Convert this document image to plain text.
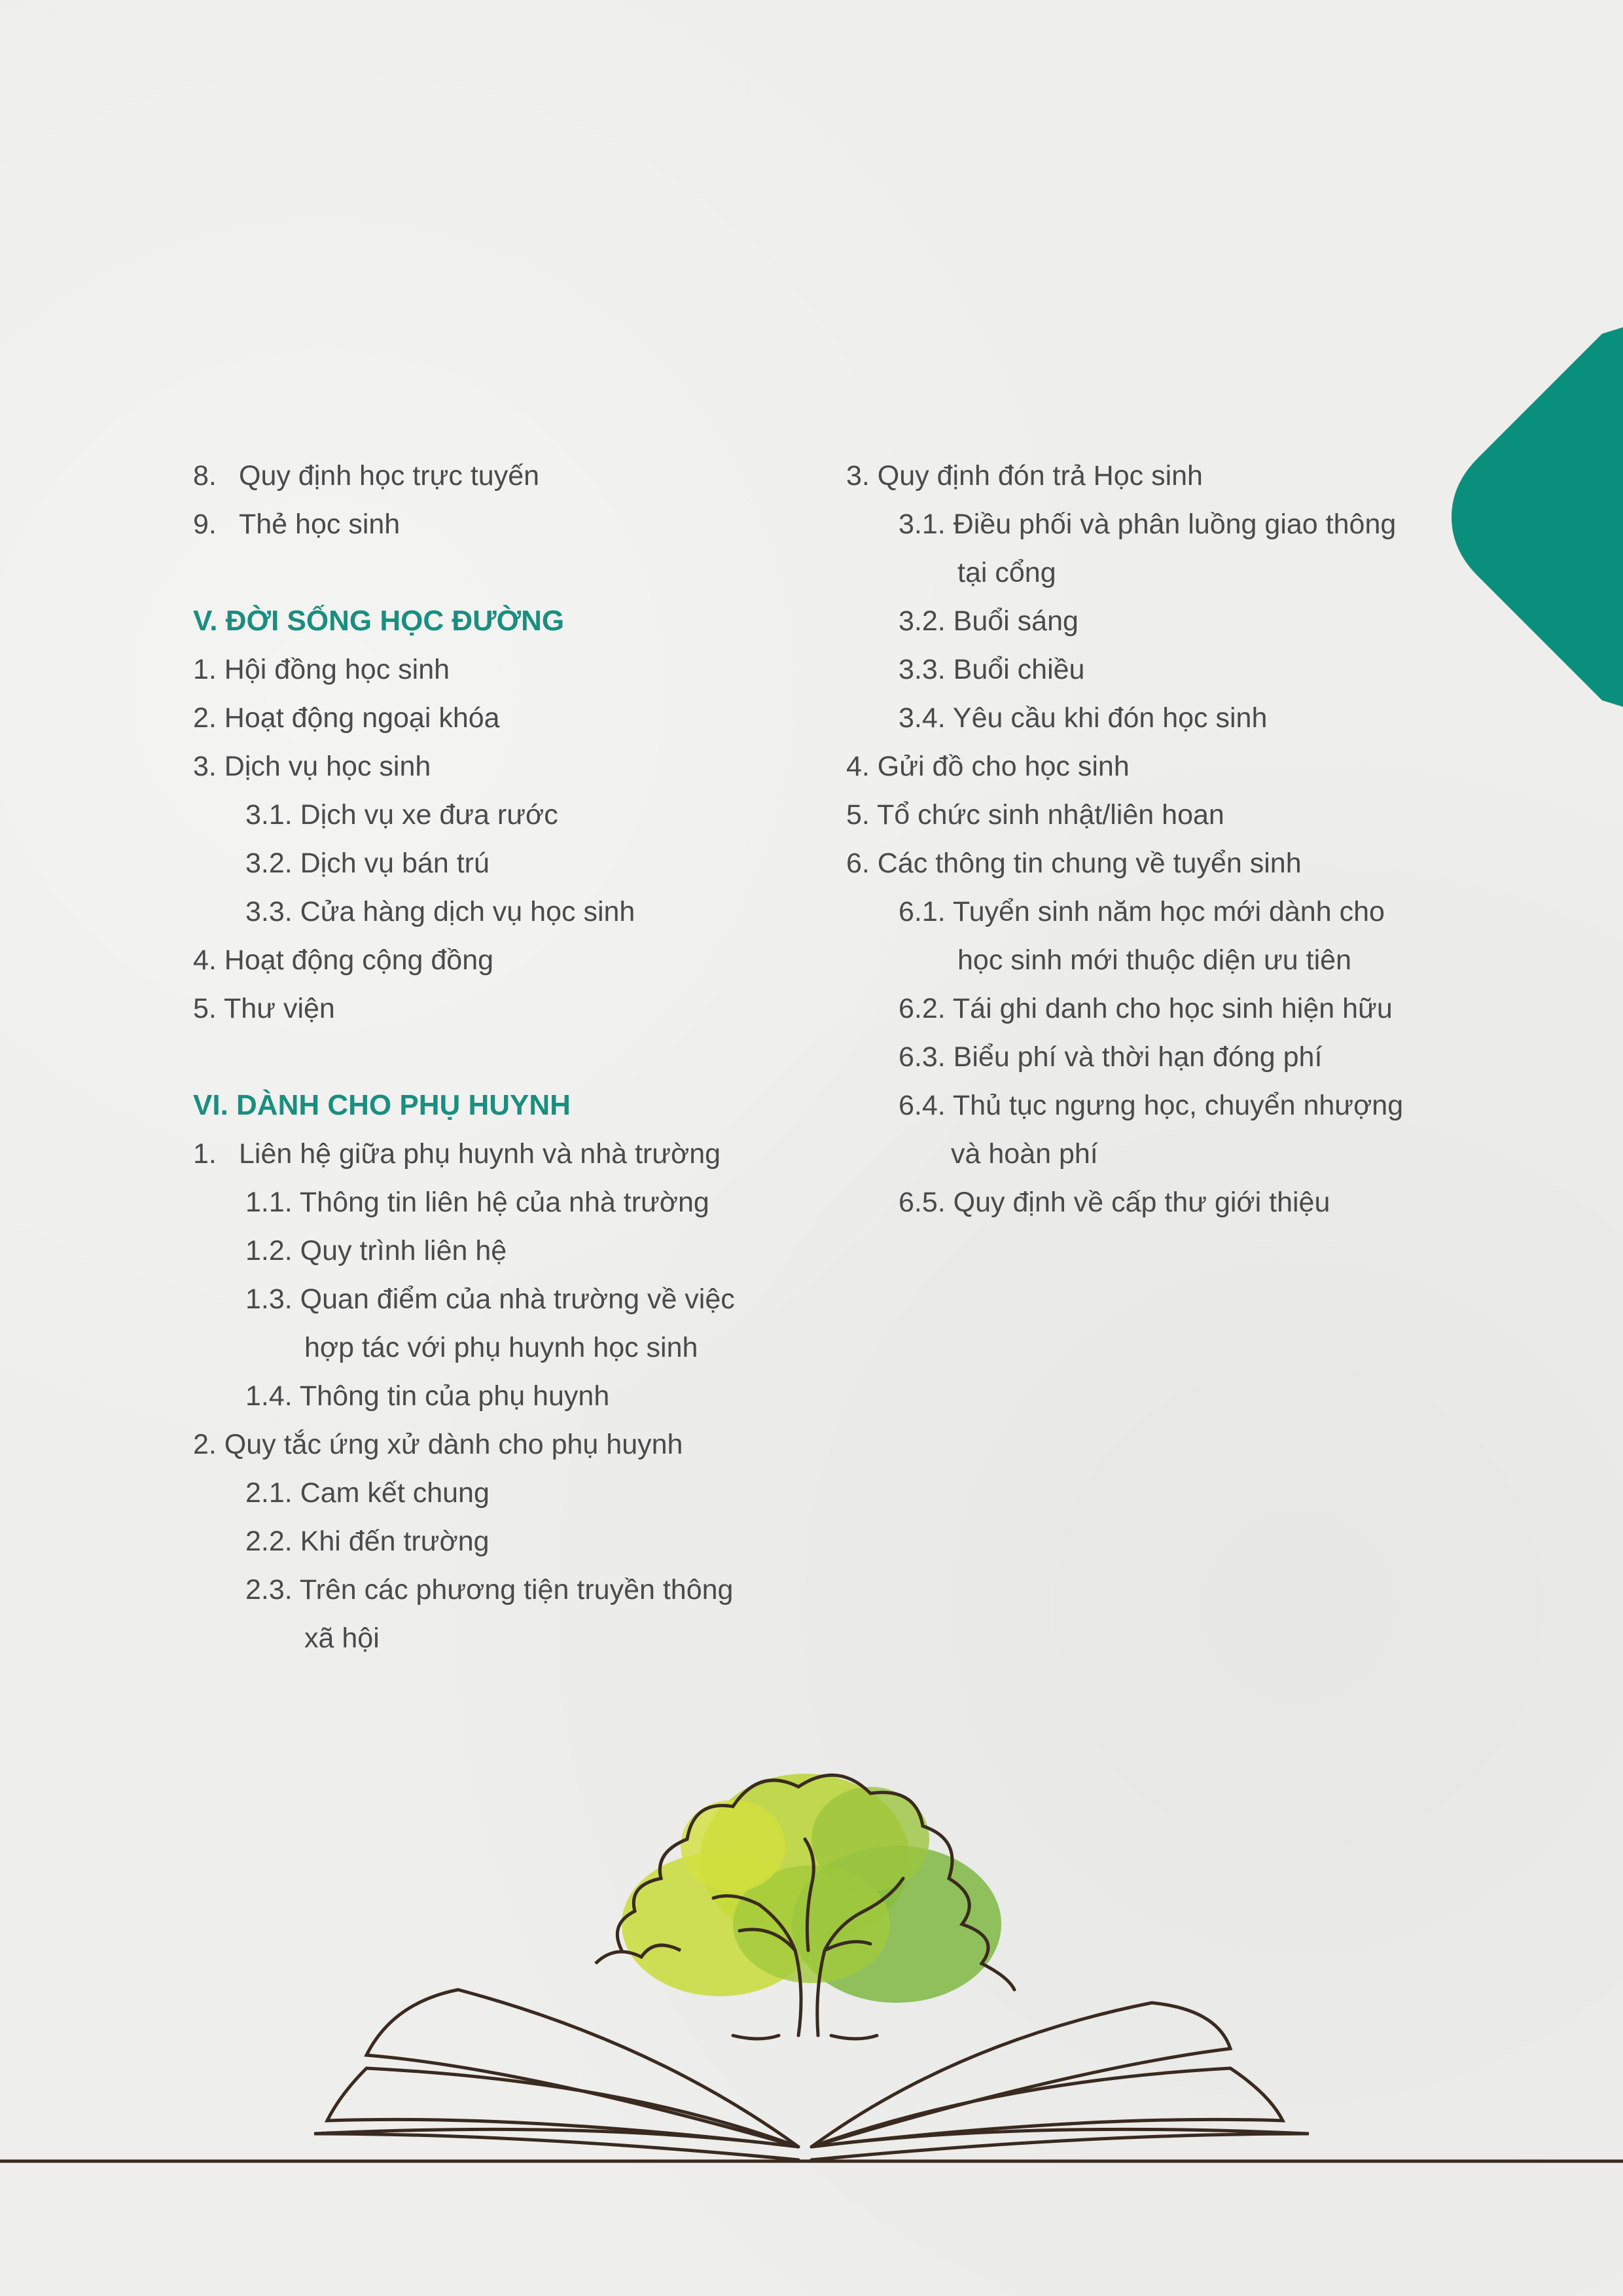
8. Quy định học trực tuyến
9. Thẻ học sinh
V. ĐỜI SỐNG HỌC ĐƯỜNG
1. Hội đồng học sinh
2. Hoạt động ngoại khóa
3. Dịch vụ học sinh
3.1. Dịch vụ xe đưa rước
3.2. Dịch vụ bán trú
3.3. Cửa hàng dịch vụ học sinh
4. Hoạt động cộng đồng
5. Thư viện
VI. DÀNH CHO PHỤ HUYNH
1. Liên hệ giữa phụ huynh và nhà trường
1.1. Thông tin liên hệ của nhà trường
1.2. Quy trình liên hệ
1.3. Quan điểm của nhà trường về việc
hợp tác với phụ huynh học sinh
1.4. Thông tin của phụ huynh
2. Quy tắc ứng xử dành cho phụ huynh
2.1. Cam kết chung
2.2. Khi đến trường
2.3. Trên các phương tiện truyền thông
xã hội
3. Quy định đón trả Học sinh
3.1. Điều phối và phân luồng giao thông
tại cổng
3.2. Buổi sáng
3.3. Buổi chiều
3.4. Yêu cầu khi đón học sinh
4. Gửi đồ cho học sinh
5. Tổ chức sinh nhật/liên hoan
6. Các thông tin chung về tuyển sinh
6.1. Tuyển sinh năm học mới dành cho
học sinh mới thuộc diện ưu tiên
6.2. Tái ghi danh cho học sinh hiện hữu
6.3. Biểu phí và thời hạn đóng phí
6.4. Thủ tục ngưng học, chuyển nhượng
và hoàn phí
6.5. Quy định về cấp thư giới thiệu
